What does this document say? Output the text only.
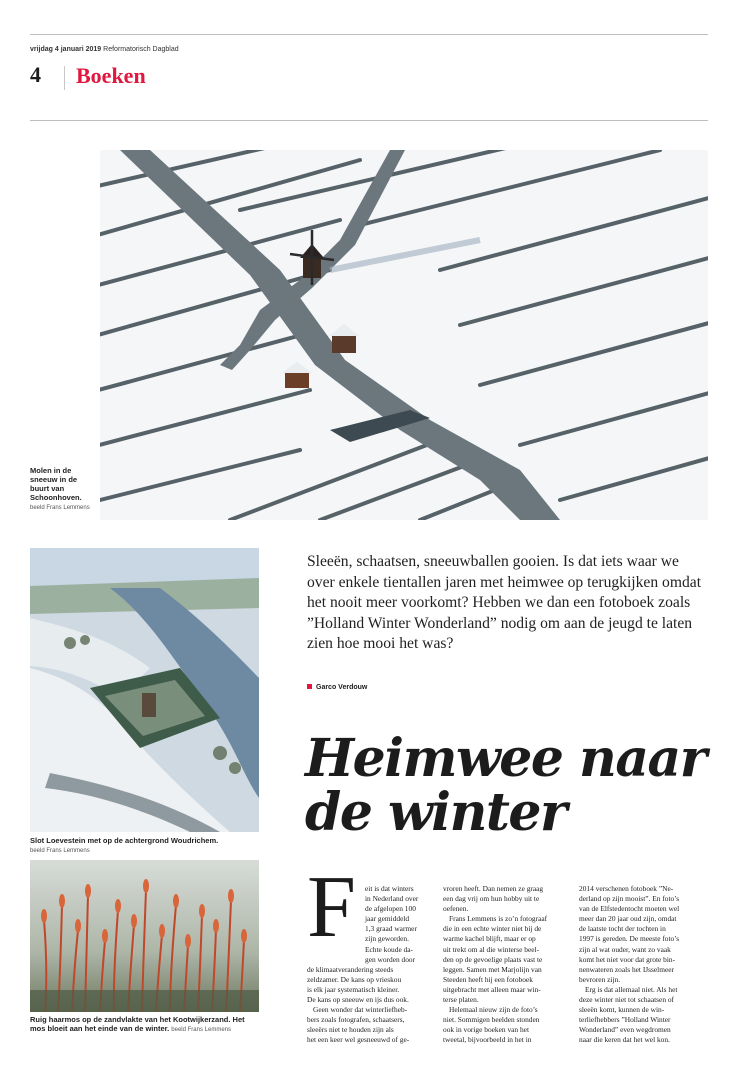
vrijdag 4 januari 2019 Reformatorisch Dagblad
4 Boeken
Molen in de sneeuw in de buurt van Schoonhoven. beeld Frans Lemmens
Slot Loevestein met op de achtergrond Woudrichem.
beeld Frans Lemmens
Ruig haarmos op de zandvlakte van het Kootwijkerzand. Het mos bloeit aan het einde van de winter. beeld Frans Lemmens
Sleeën, schaatsen, sneeuwballen gooien. Is dat iets waar we over enkele tientallen jaren met heimwee op terugkijken omdat het nooit meer voorkomt? Hebben we dan een fotoboek zoals ”Holland Winter Wonderland” nodig om aan de jeugd te laten zien hoe mooi het was?
Garco Verdouw
Heimwee naar
de winter
F	eit is dat winters

in Nederland over

de afgelopen 100

jaar gemiddeld

1,3 graad warmer

zijn geworden.

Echte koude da-

gen worden door

de klimaatverandering steeds

zeldzamer. De kans op vrieskou

is elk jaar systematisch kleiner.

De kans op sneeuw en ijs dus ook.

Geen wonder dat winterliefheb-

bers zoals fotografen, schaatsers,

sleeërs niet te houden zijn als

het een keer wel gesneeuwd of ge-

vroren heeft. Dan nemen ze graag

een dag vrij om hun hobby uit te

oefenen.

Frans Lemmens is zo’n fotograaf

die in een echte winter niet bij de

warme kachel blijft, maar er op

uit trekt om al die winterse beel-

den op de gevoelige plaats vast te

leggen. Samen met Marjolijn van

Steeden heeft hij een fotoboek

uitgebracht met alleen maar win-

terse platen.

Helemaal nieuw zijn de foto’s

niet. Sommigen beelden stonden

ook in vorige boeken van het

tweetal, bijvoorbeeld in het in

2014 verschenen fotoboek ”Ne-

derland op zijn mooist”. En foto’s

van de Elfstedentocht moeten wel

meer dan 20 jaar oud zijn, omdat

de laatste tocht der tochten in

1997 is gereden. De meeste foto’s

zijn al wat ouder, want zo vaak

komt het niet voor dat grote bin-

nenwateren zoals het IJsselmeer

bevroren zijn.

Erg is dat allemaal niet. Als het

deze winter niet tot schaatsen of

sleeën komt, kunnen de win-

terliefhebbers ”Holland Winter

Wonderland” even wegdromen

naar die keren dat het wel kon.
